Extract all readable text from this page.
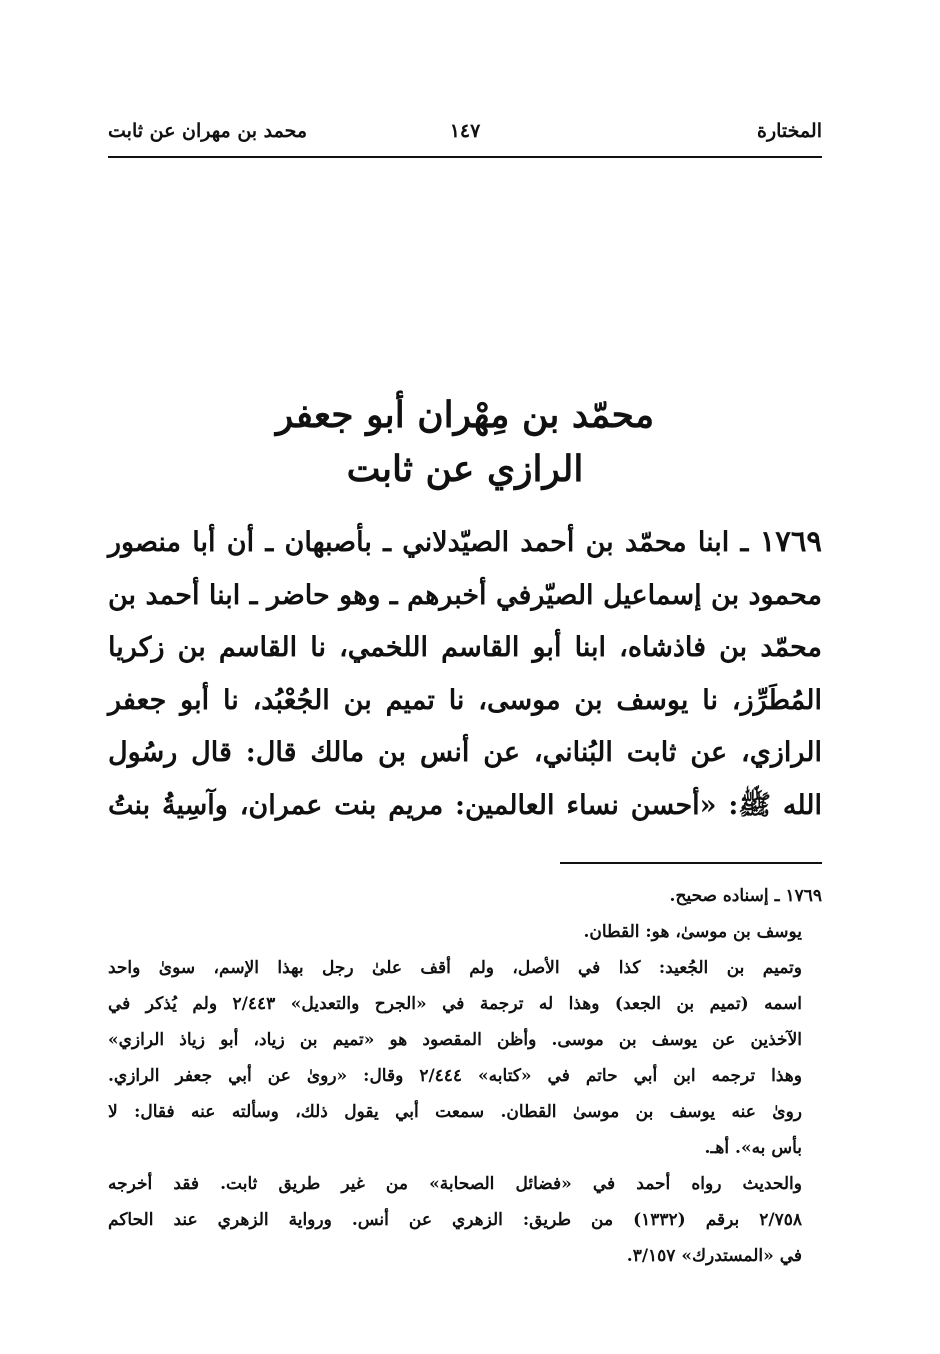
المختارة
١٤٧
محمد بن مهران عن ثابت
محمّد بن مِهْران أبو جعفر
الرازي عن ثابت
١٧٦٩ ـ ابنا محمّد بن أحمد الصيّدلاني ـ بأصبهان ـ أن أبا منصور محمود بن إسماعيل الصيّرفي أخبرهم ـ وهو حاضر ـ ابنا أحمد بن محمّد بن فاذشاه، ابنا أبو القاسم اللخمي، نا القاسم بن زكريا المُطَرِّز، نا يوسف بن موسى، نا تميم بن الجُعْبُد، نا أبو جعفر الرازي، عن ثابت البُناني، عن أنس بن مالك قال: قال رسُول الله ﷺ: «أحسن نساء العالمين: مريم بنت عمران، وآسِيةُ بنتُ
١٧٦٩ ـ إسناده صحيح.
يوسف بن موسىٰ، هو: القطان.
وتميم بن الجُعيد: كذا في الأصل، ولم أقف علىٰ رجل بهذا الإسم، سوىٰ واحد
اسمه (تميم بن الجعد) وهذا له ترجمة في «الجرح والتعديل» ٢/٤٤٣ ولم يُذكر في
الآخذين عن يوسف بن موسى. وأظن المقصود هو «تميم بن زياد، أبو زياذ الرازي»
وهذا ترجمه ابن أبي حاتم في «كتابه» ٢/٤٤٤ وقال: «روىٰ عن أبي جعفر الرازي.
روىٰ عنه يوسف بن موسىٰ القطان. سمعت أبي يقول ذلك، وسألته عنه فقال: لا
بأس به». أهـ.
والحديث رواه أحمد في «فضائل الصحابة» من غير طريق ثابت. فقد أخرجه
٢/٧٥٨ برقم (١٣٣٢) من طريق: الزهري عن أنس. ورواية الزهري عند الحاكم
في «المستدرك» ٣/١٥٧.
